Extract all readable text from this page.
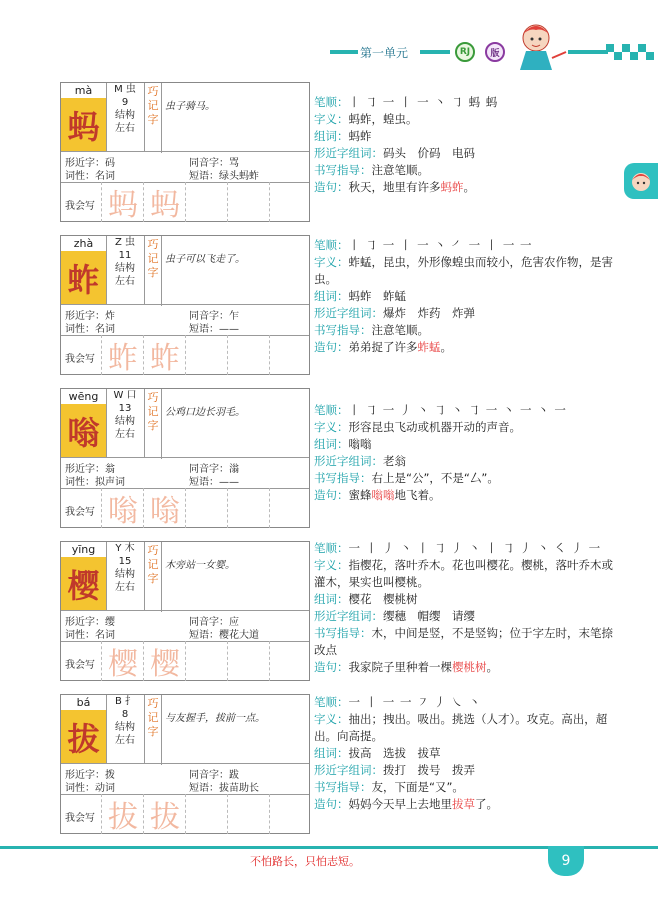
第一单元	RJ	版
mà
蚂
M 虫
9
结构
左右
巧
记
字
虫子骑马。
形近字：码	同音字：骂
词性：名词	短语：绿头蚂蚱
我会写 蚂 蚂
笔顺：丨 ㇆ 一 丨 一 丶 ㇆ 蚂 蚂
字义：蚂蚱，蝗虫。
组词：蚂蚱
形近字组词：码头　价码　电码
书写指导：注意笔顺。
造句：秋天，地里有许多蚂蚱。
zhà
蚱
Z 虫
11
结构
左右
巧
记
字
虫子可以飞走了。
形近字：炸	同音字：乍
词性：名词	短语：——
我会写 蚱 蚱
笔顺：丨 ㇆ 一 丨 一 丶 ㇒ 一 丨 一 一
字义：蚱蜢，昆虫，外形像蝗虫而较小，危害农作物，是害虫。
组词：蚂蚱　蚱蜢
形近字组词：爆炸　炸药　炸弹
书写指导：注意笔顺。
造句：弟弟捉了许多蚱蜢。
wēng
嗡
W 口
13
结构
左右
巧
记
字
公鸡口边长羽毛。
形近字：翁	同音字：滃
词性：拟声词	短语：——
我会写 嗡 嗡
笔顺：丨 ㇆ 一 丿 丶 ㇆ 丶 ㇆ 一 丶 一 丶 一
字义：形容昆虫飞动或机器开动的声音。
组词：嗡嗡
形近字组词：老翁
书写指导：右上是“公”，不是“厶”。
造句：蜜蜂嗡嗡地飞着。
yīng
樱
Y 木
15
结构
左右
巧
记
字
木旁站一女婴。
形近字：缨	同音字：应
词性：名词	短语：樱花大道
我会写 樱 樱
笔顺：一 丨 丿 丶 丨 ㇆ 丿 丶 丨 ㇆ 丿 丶 ㇛ 丿 一
字义：指樱花，落叶乔木。花也叫樱花。樱桃，落叶乔木或灌木，果实也叫樱桃。
组词：樱花　樱桃树
形近字组词：缨穗　帽缨　请缨
书写指导：木，中间是竖，不是竖钩；位于字左时，末笔捺改点
造句：我家院子里种着一棵樱桃树。
bá
拔
B 扌
8
结构
左右
巧
记
字
与友握手，拔前一点。
形近字：拨	同音字：跋
词性：动词	短语：拔苗助长
我会写 拔 拔
笔顺：一 丨 一 一 ㇇ 丿 ㇏ 丶
字义：抽出；拽出。吸出。挑选（人才）。攻克。高出，超出。向高提。
组词：拔高　选拔　拔草
形近字组词：拨打　拨号　拨弄
书写指导：友，下面是“又”。
造句：妈妈今天早上去地里拔草了。
不怕路长，只怕志短。	9
